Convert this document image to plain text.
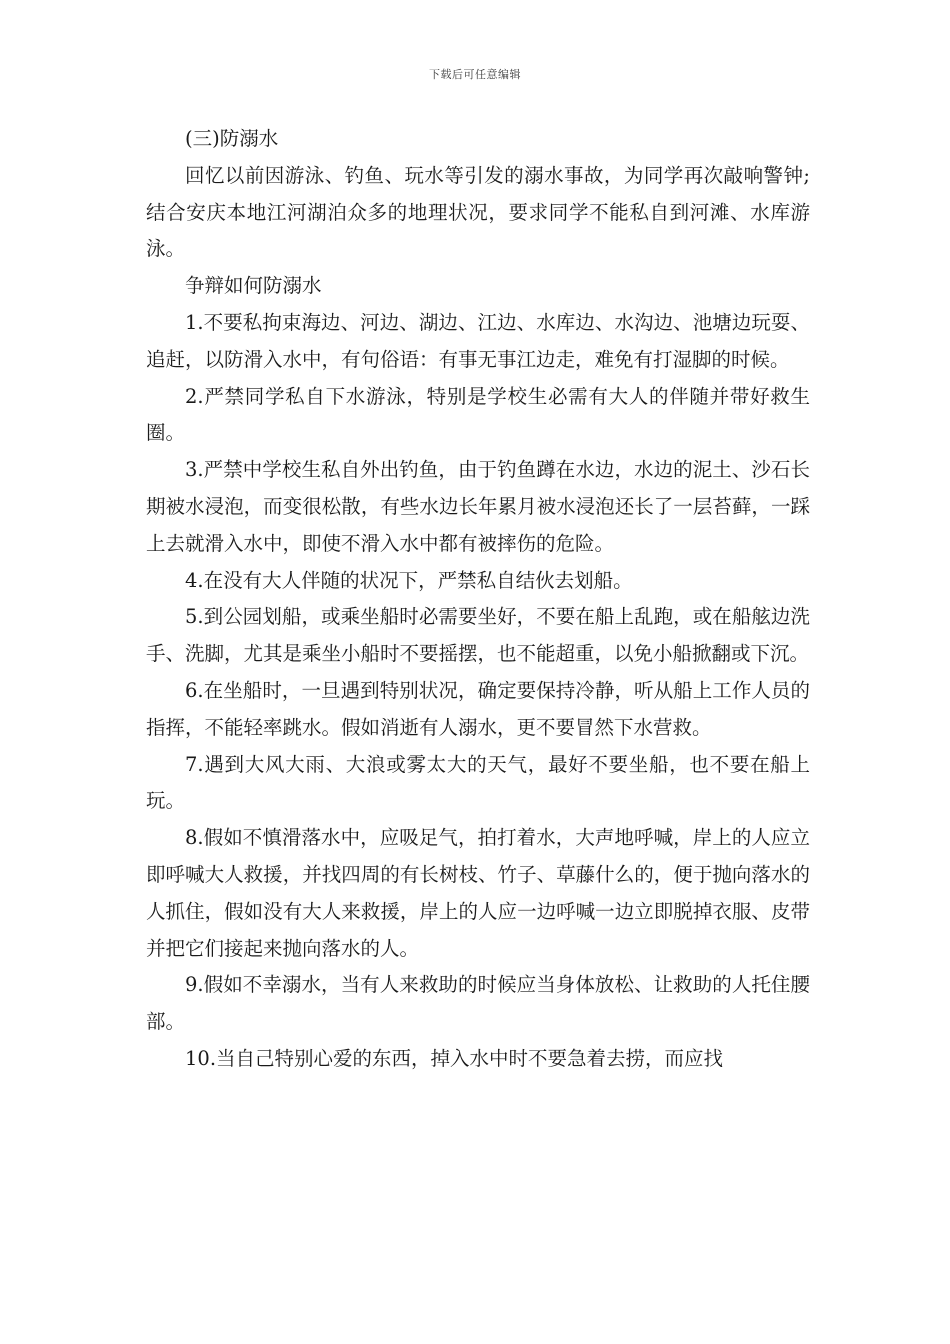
下载后可任意编辑

(三)防溺水

回忆以前因游泳、钓鱼、玩水等引发的溺水事故，为同学再次敲响警钟;结合安庆本地江河湖泊众多的地理状况，要求同学不能私自到河滩、水库游泳。

争辩如何防溺水

1.不要私拘束海边、河边、湖边、江边、水库边、水沟边、池塘边玩耍、追赶，以防滑入水中，有句俗语：有事无事江边走，难免有打湿脚的时候。

2.严禁同学私自下水游泳，特别是学校生必需有大人的伴随并带好救生圈。

3.严禁中学校生私自外出钓鱼，由于钓鱼蹲在水边，水边的泥土、沙石长期被水浸泡，而变很松散，有些水边长年累月被水浸泡还长了一层苔藓，一踩上去就滑入水中，即使不滑入水中都有被摔伤的危险。

4.在没有大人伴随的状况下，严禁私自结伙去划船。

5.到公园划船，或乘坐船时必需要坐好，不要在船上乱跑，或在船舷边洗手、洗脚，尤其是乘坐小船时不要摇摆，也不能超重，以免小船掀翻或下沉。

6.在坐船时，一旦遇到特别状况，确定要保持冷静，听从船上工作人员的指挥，不能轻率跳水。假如消逝有人溺水，更不要冒然下水营救。

7.遇到大风大雨、大浪或雾太大的天气，最好不要坐船，也不要在船上玩。

8.假如不慎滑落水中，应吸足气，拍打着水，大声地呼喊，岸上的人应立即呼喊大人救援，并找四周的有长树枝、竹子、草藤什么的，便于抛向落水的人抓住，假如没有大人来救援，岸上的人应一边呼喊一边立即脱掉衣服、皮带并把它们接起来抛向落水的人。

9.假如不幸溺水，当有人来救助的时候应当身体放松、让救助的人托住腰部。

10.当自己特别心爱的东西，掉入水中时不要急着去捞，而应找
